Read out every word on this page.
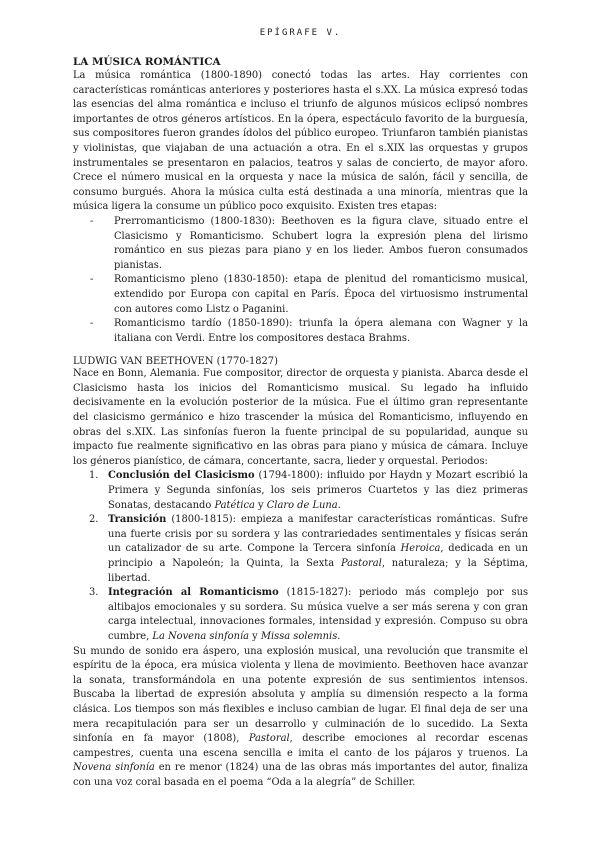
EPÍGRAFE V.
LA MÚSICA ROMÁNTICA

La música romántica (1800-1890) conectó todas las artes. Hay corrientes con características románticas anteriores y posteriores hasta el s.XX. La música expresó todas las esencias del alma romántica e incluso el triunfo de algunos músicos eclipsó nombres importantes de otros géneros artísticos. En la ópera, espectáculo favorito de la burguesía, sus compositores fueron grandes ídolos del público europeo. Triunfaron también pianistas y violinistas, que viajaban de una actuación a otra. En el s.XIX las orquestas y grupos instrumentales se presentaron en palacios, teatros y salas de concierto, de mayor aforo. Crece el número musical en la orquesta y nace la música de salón, fácil y sencilla, de consumo burgués. Ahora la música culta está destinada a una minoría, mientras que la música ligera la consume un público poco exquisito. Existen tres etapas:

- Prerromanticismo (1800-1830): Beethoven es la figura clave, situado entre el Clasicismo y Romanticismo. Schubert logra la expresión plena del lirismo romántico en sus piezas para piano y en los lieder. Ambos fueron consumados pianistas.
- Romanticismo pleno (1830-1850): etapa de plenitud del romanticismo musical, extendido por Europa con capital en París. Época del virtuosismo instrumental con autores como Listz o Paganini.
- Romanticismo tardío (1850-1890): triunfa la ópera alemana con Wagner y la italiana con Verdi. Entre los compositores destaca Brahms.
LUDWIG VAN BEETHOVEN (1770-1827)

Nace en Bonn, Alemania. Fue compositor, director de orquesta y pianista. Abarca desde el Clasicismo hasta los inicios del Romanticismo musical. Su legado ha influido decisivamente en la evolución posterior de la música. Fue el último gran representante del clasicismo germánico e hizo trascender la música del Romanticismo, influyendo en obras del s.XIX. Las sinfonías fueron la fuente principal de su popularidad, aunque su impacto fue realmente significativo en las obras para piano y música de cámara. Incluye los géneros pianístico, de cámara, concertante, sacra, lieder y orquestal. Periodos:

1. Conclusión del Clasicismo (1794-1800): influido por Haydn y Mozart escribió la Primera y Segunda sinfonías, los seis primeros Cuartetos y las diez primeras Sonatas, destacando Patética y Claro de Luna.
2. Transición (1800-1815): empieza a manifestar características románticas. Sufre una fuerte crisis por su sordera y las contrariedades sentimentales y físicas serán un catalizador de su arte. Compone la Tercera sinfonía Heroica, dedicada en un principio a Napoleón; la Quinta, la Sexta Pastoral, naturaleza; y la Séptima, libertad.
3. Integración al Romanticismo (1815-1827): periodo más complejo por sus altibajos emocionales y su sordera. Su música vuelve a ser más serena y con gran carga intelectual, innovaciones formales, intensidad y expresión. Compuso su obra cumbre, La Novena sinfonía y Missa solemnis.

Su mundo de sonido era áspero, una explosión musical, una revolución que transmite el espíritu de la época, era música violenta y llena de movimiento. Beethoven hace avanzar la sonata, transformándola en una potente expresión de sus sentimientos intensos. Buscaba la libertad de expresión absoluta y amplía su dimensión respecto a la forma clásica. Los tiempos son más flexibles e incluso cambian de lugar. El final deja de ser una mera recapitulación para ser un desarrollo y culminación de lo sucedido. La Sexta sinfonía en fa mayor (1808), Pastoral, describe emociones al recordar escenas campestres, cuenta una escena sencilla e imita el canto de los pájaros y truenos. La Novena sinfonía en re menor (1824) una de las obras más importantes del autor, finaliza con una voz coral basada en el poema “Oda a la alegría” de Schiller.
